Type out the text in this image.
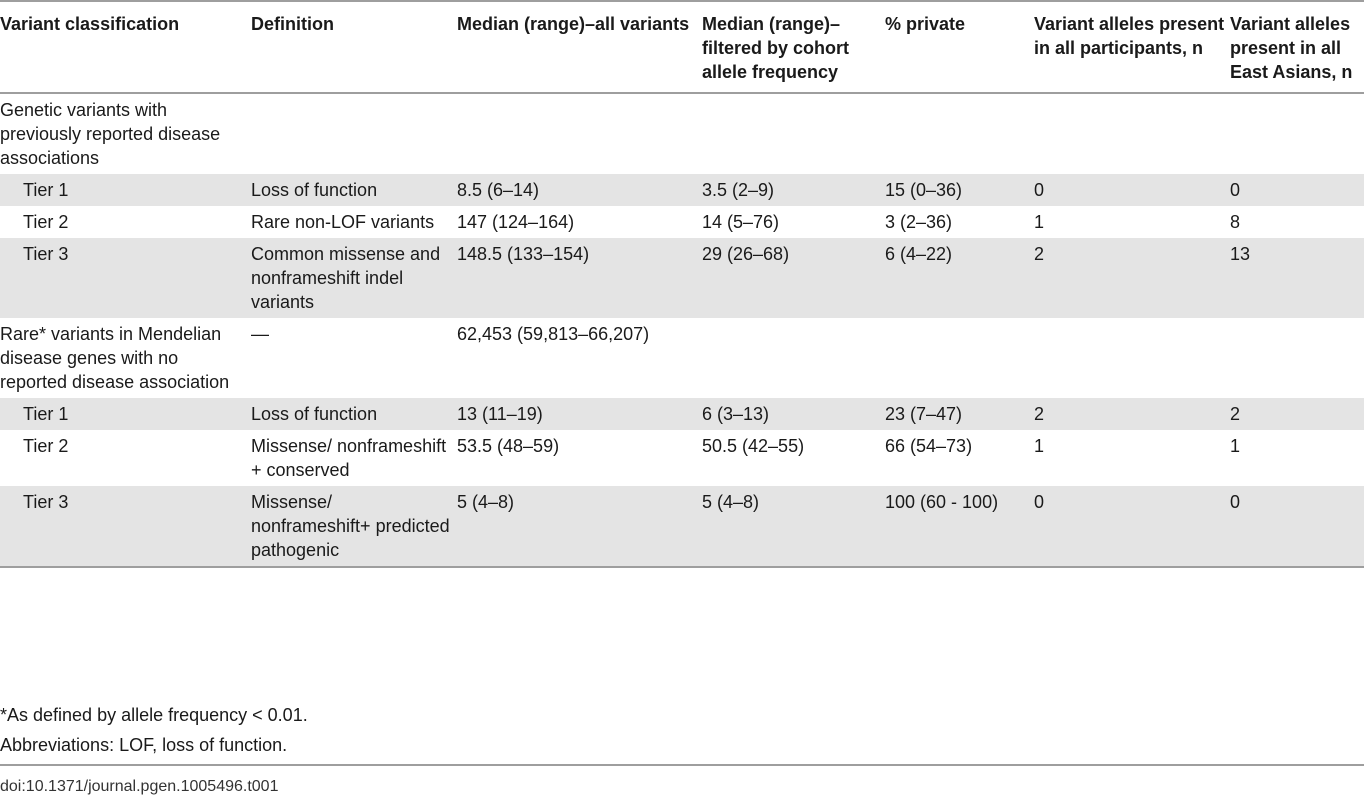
Variant classification	Definition	Median (range)–all variants	Median (range)–filtered by cohort allele frequency	% private	Variant alleles present in all participants, n	Variant alleles present in all East Asians, n
Genetic variants with previously reported disease associations						
Tier 1	Loss of function	8.5 (6–14)	3.5 (2–9)	15 (0–36)	0	0
Tier 2	Rare non-LOF variants	147 (124–164)	14 (5–76)	3 (2–36)	1	8
Tier 3	Common missense and nonframeshift indel variants	148.5 (133–154)	29 (26–68)	6 (4–22)	2	13
Rare* variants in Mendelian disease genes with no reported disease association	—	62,453 (59,813–66,207)				
Tier 1	Loss of function	13 (11–19)	6 (3–13)	23 (7–47)	2	2
Tier 2	Missense/ nonframeshift + conserved	53.5 (48–59)	50.5 (42–55)	66 (54–73)	1	1
Tier 3	Missense/ nonframeshift+ predicted pathogenic	5 (4–8)	5 (4–8)	100 (60 - 100)	0	0

*As defined by allele frequency < 0.01.

Abbreviations: LOF, loss of function.

doi:10.1371/journal.pgen.1005496.t001
